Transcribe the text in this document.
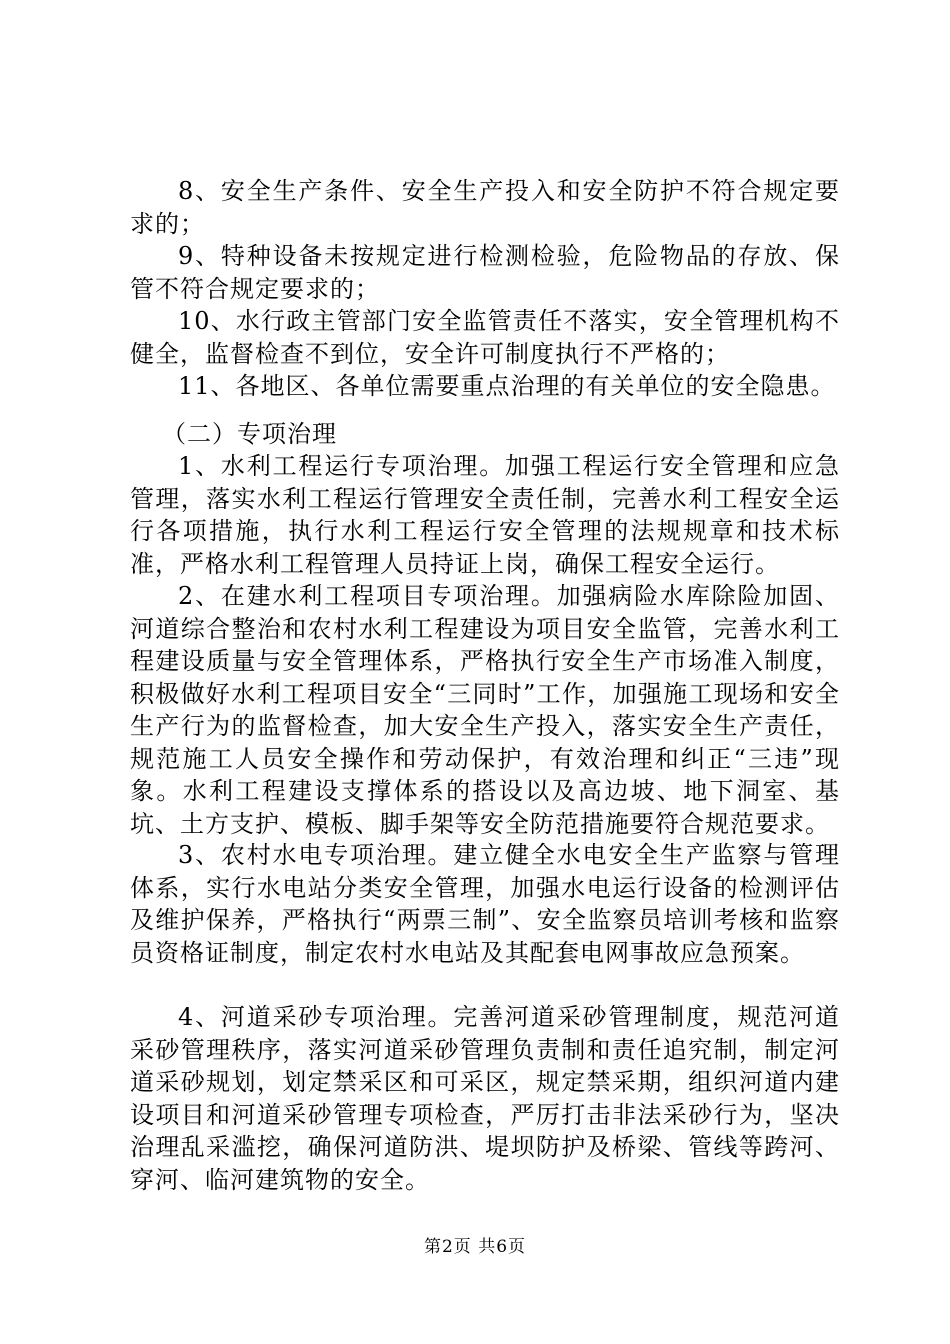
8、安全生产条件、安全生产投入和安全防护不符合规定要求的；

9、特种设备未按规定进行检测检验，危险物品的存放、保管不符合规定要求的；

10、水行政主管部门安全监管责任不落实，安全管理机构不健全，监督检查不到位，安全许可制度执行不严格的；

11、各地区、各单位需要重点治理的有关单位的安全隐患。

（二）专项治理

1、水利工程运行专项治理。加强工程运行安全管理和应急管理，落实水利工程运行管理安全责任制，完善水利工程安全运行各项措施，执行水利工程运行安全管理的法规规章和技术标准，严格水利工程管理人员持证上岗，确保工程安全运行。

2、在建水利工程项目专项治理。加强病险水库除险加固、河道综合整治和农村水利工程建设为项目安全监管，完善水利工程建设质量与安全管理体系，严格执行安全生产市场准入制度，积极做好水利工程项目安全“三同时”工作，加强施工现场和安全生产行为的监督检查，加大安全生产投入，落实安全生产责任，规范施工人员安全操作和劳动保护，有效治理和纠正“三违”现象。水利工程建设支撑体系的搭设以及高边坡、地下洞室、基坑、土方支护、模板、脚手架等安全防范措施要符合规范要求。

3、农村水电专项治理。建立健全水电安全生产监察与管理体系，实行水电站分类安全管理，加强水电运行设备的检测评估及维护保养，严格执行“两票三制”、安全监察员培训考核和监察员资格证制度，制定农村水电站及其配套电网事故应急预案。

4、河道采砂专项治理。完善河道采砂管理制度，规范河道采砂管理秩序，落实河道采砂管理负责制和责任追究制，制定河道采砂规划，划定禁采区和可采区，规定禁采期，组织河道内建设项目和河道采砂管理专项检查，严厉打击非法采砂行为，坚决治理乱采滥挖，确保河道防洪、堤坝防护及桥梁、管线等跨河、穿河、临河建筑物的安全。

第2页 共6页
